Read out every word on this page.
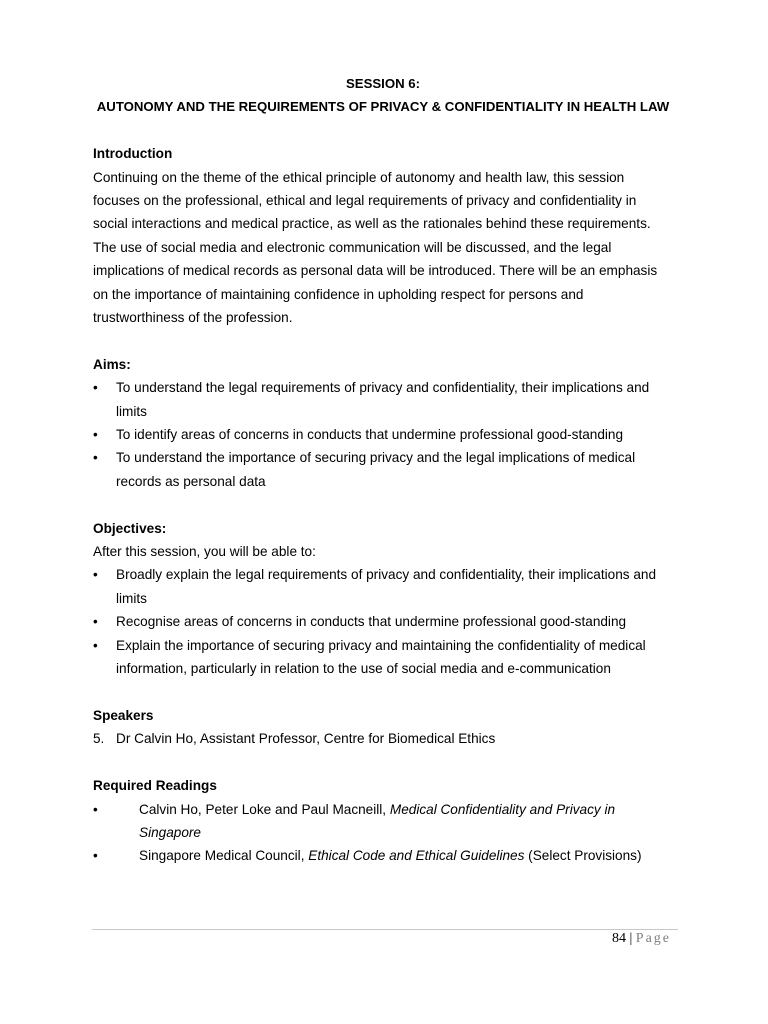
SESSION 6:
AUTONOMY AND THE REQUIREMENTS OF PRIVACY & CONFIDENTIALITY IN HEALTH LAW

Introduction

Continuing on the theme of the ethical principle of autonomy and health law, this session focuses on the professional, ethical and legal requirements of privacy and confidentiality in social interactions and medical practice, as well as the rationales behind these requirements. The use of social media and electronic communication will be discussed, and the legal implications of medical records as personal data will be introduced. There will be an emphasis on the importance of maintaining confidence in upholding respect for persons and trustworthiness of the profession.

Aims:

•	To understand the legal requirements of privacy and confidentiality, their implications and limits
•	To identify areas of concerns in conducts that undermine professional good-standing
•	To understand the importance of securing privacy and the legal implications of medical records as personal data

Objectives:

After this session, you will be able to:

•	Broadly explain the legal requirements of privacy and confidentiality, their implications and limits
•	Recognise areas of concerns in conducts that undermine professional good-standing
•	Explain the importance of securing privacy and maintaining the confidentiality of medical information, particularly in relation to the use of social media and e-communication

Speakers

5. Dr Calvin Ho, Assistant Professor, Centre for Biomedical Ethics

Required Readings

•	Calvin Ho, Peter Loke and Paul Macneill, Medical Confidentiality and Privacy in Singapore
•	Singapore Medical Council, Ethical Code and Ethical Guidelines (Select Provisions)
84 | Page
